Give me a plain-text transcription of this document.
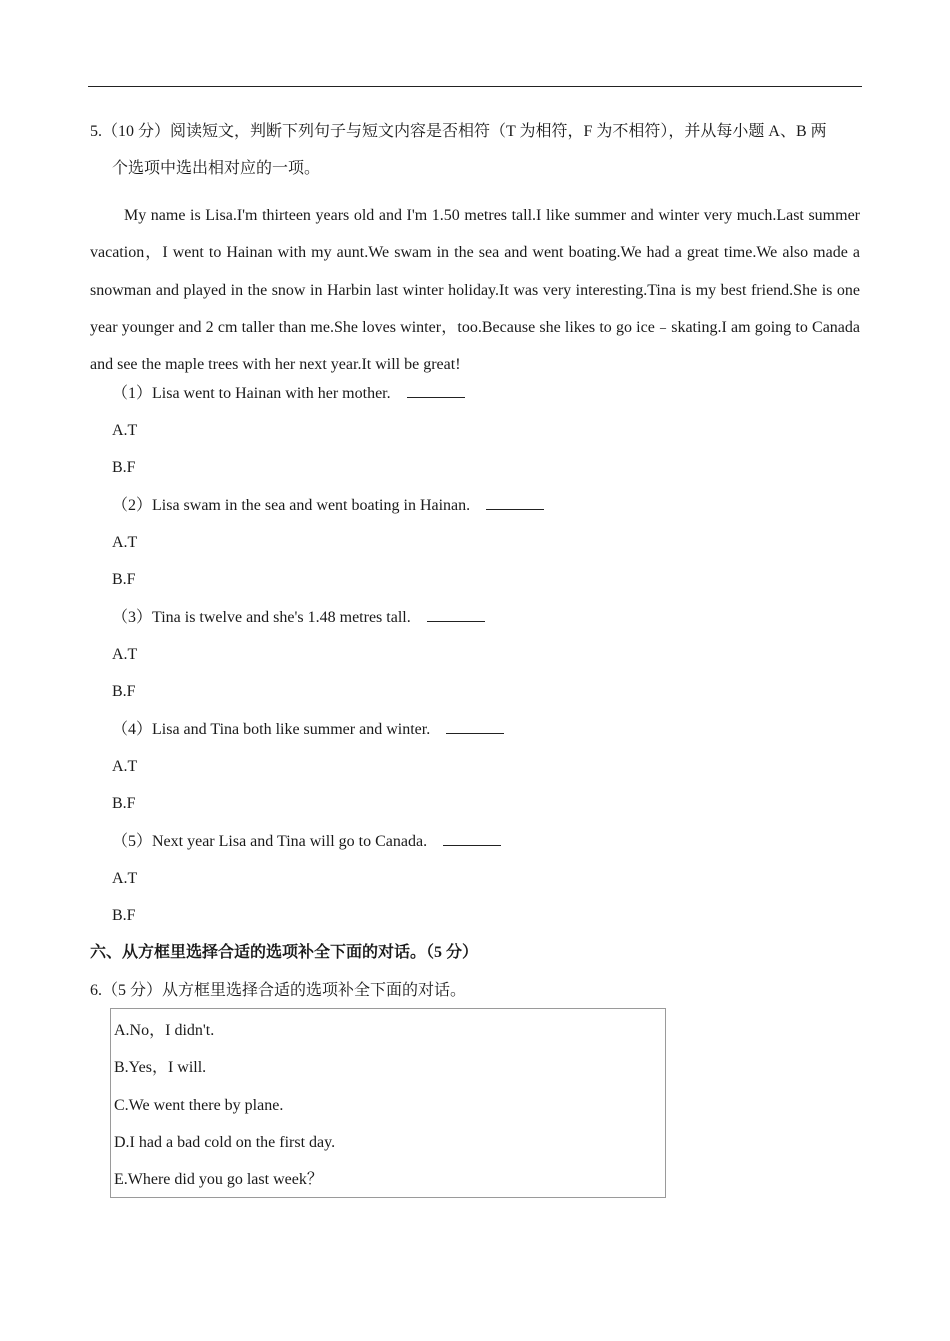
5.（10 分）阅读短文，判断下列句子与短文内容是否相符（T 为相符，F 为不相符），并从每小题 A、B 两
个选项中选出相对应的一项。
My name is Lisa.I'm thirteen years old and I'm 1.50 metres tall.I like summer and winter very much.Last summer vacation，I went to Hainan with my aunt.We swam in the sea and went boating.We had a great time.We also made a snowman and played in the snow in Harbin last winter holiday.It was very interesting.Tina is my best friend.She is one year younger and 2 cm taller than me.She loves winter，too.Because she likes to go ice﹣skating.I am going to Canada and see the maple trees with her next year.It will be great!
（1）Lisa went to Hainan with her mother.
A.T
B.F
（2）Lisa swam in the sea and went boating in Hainan.
A.T
B.F
（3）Tina is twelve and she's 1.48 metres tall.
A.T
B.F
（4）Lisa and Tina both like summer and winter.
A.T
B.F
（5）Next year Lisa and Tina will go to Canada.
A.T
B.F
六、从方框里选择合适的选项补全下面的对话。（5 分）
6.（5 分）从方框里选择合适的选项补全下面的对话。
A.No，I didn't.
B.Yes，I will.
C.We went there by plane.
D.I had a bad cold on the first day.
E.Where did you go last week？
